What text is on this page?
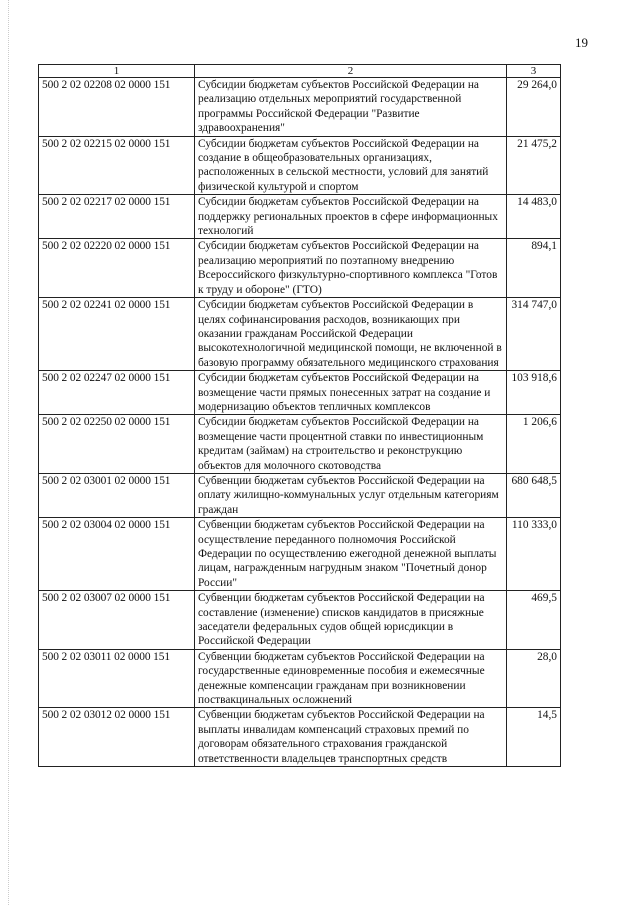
19
1	2	3
500 2 02 02208 02 0000 151	Субсидии бюджетам субъектов Российской Федерации на реализацию отдельных мероприятий государственной программы Российской Федерации "Развитие здравоохранения"	29 264,0
500 2 02 02215 02 0000 151	Субсидии бюджетам субъектов Российской Федерации на создание в общеобразовательных организациях, расположенных в сельской местности, условий для занятий физической культурой и спортом	21 475,2
500 2 02 02217 02 0000 151	Субсидии бюджетам субъектов Российской Федерации на поддержку региональных проектов в сфере информационных технологий	14 483,0
500 2 02 02220 02 0000 151	Субсидии бюджетам субъектов Российской Федерации на реализацию мероприятий по поэтапному внедрению Всероссийского физкультурно-спортивного комплекса "Готов к труду и обороне" (ГТО)	894,1
500 2 02 02241 02 0000 151	Субсидии бюджетам субъектов Российской Федерации в целях софинансирования расходов, возникающих при оказании гражданам Российской Федерации высокотехнологичной медицинской помощи, не включенной в базовую программу обязательного медицинского страхования	314 747,0
500 2 02 02247 02 0000 151	Субсидии бюджетам субъектов Российской Федерации на возмещение части прямых понесенных затрат на создание и модернизацию объектов тепличных комплексов	103 918,6
500 2 02 02250 02 0000 151	Субсидии бюджетам субъектов Российской Федерации на возмещение части процентной ставки по инвестиционным кредитам (займам) на строительство и реконструкцию объектов для молочного скотоводства	1 206,6
500 2 02 03001 02 0000 151	Субвенции бюджетам субъектов Российской Федерации на оплату жилищно-коммунальных услуг отдельным категориям граждан	680 648,5
500 2 02 03004 02 0000 151	Субвенции бюджетам субъектов Российской Федерации на осуществление переданного полномочия Российской Федерации по осуществлению ежегодной денежной выплаты лицам, награжденным нагрудным знаком "Почетный донор России"	110 333,0
500 2 02 03007 02 0000 151	Субвенции бюджетам субъектов Российской Федерации на составление (изменение) списков кандидатов в присяжные заседатели федеральных судов общей юрисдикции в Российской Федерации	469,5
500 2 02 03011 02 0000 151	Субвенции бюджетам субъектов Российской Федерации на государственные единовременные пособия и ежемесячные денежные компенсации гражданам при возникновении поствакцинальных осложнений	28,0
500 2 02 03012 02 0000 151	Субвенции бюджетам субъектов Российской Федерации на выплаты инвалидам компенсаций страховых премий по договорам обязательного страхования гражданской ответственности владельцев транспортных средств	14,5
